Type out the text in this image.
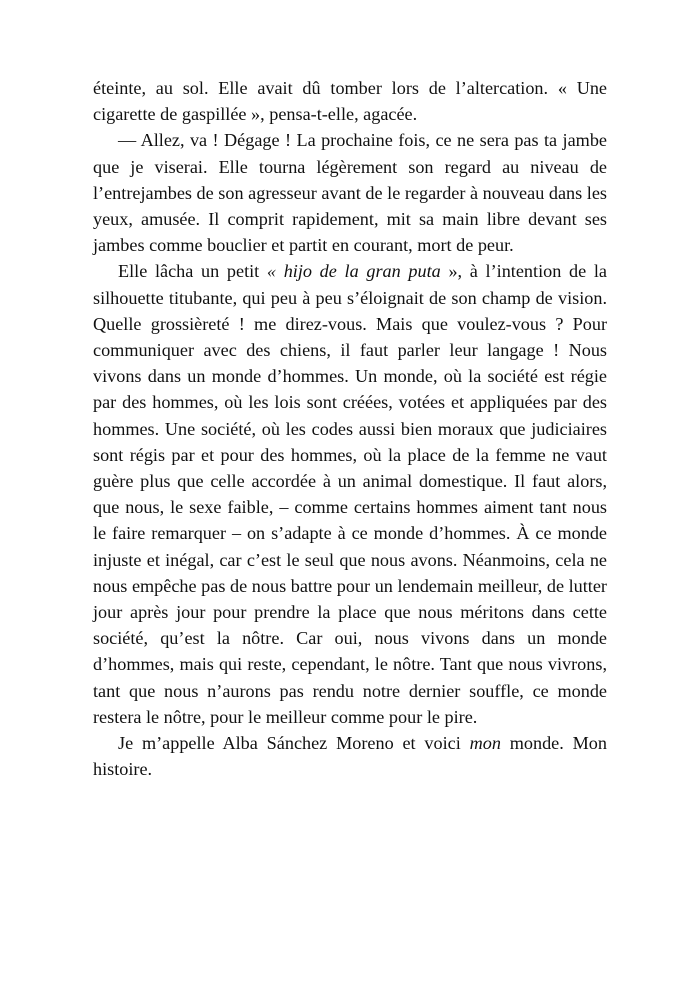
éteinte, au sol. Elle avait dû tomber lors de l’altercation. « Une cigarette de gaspillée », pensa-t-elle, agacée.

— Allez, va ! Dégage ! La prochaine fois, ce ne sera pas ta jambe que je viserai. Elle tourna légèrement son regard au niveau de l’entrejambes de son agresseur avant de le regarder à nouveau dans les yeux, amusée. Il comprit rapidement, mit sa main libre devant ses jambes comme bouclier et partit en courant, mort de peur.

Elle lâcha un petit « hijo de la gran puta », à l’intention de la silhouette titubante, qui peu à peu s’éloignait de son champ de vision. Quelle grossièreté ! me direz-vous. Mais que voulez-vous ? Pour communiquer avec des chiens, il faut parler leur langage ! Nous vivons dans un monde d’hommes. Un monde, où la société est régie par des hommes, où les lois sont créées, votées et appliquées par des hommes. Une société, où les codes aussi bien moraux que judiciaires sont régis par et pour des hommes, où la place de la femme ne vaut guère plus que celle accordée à un animal domestique. Il faut alors, que nous, le sexe faible, – comme certains hommes aiment tant nous le faire remarquer – on s’adapte à ce monde d’hommes. À ce monde injuste et inégal, car c’est le seul que nous avons. Néanmoins, cela ne nous empêche pas de nous battre pour un lendemain meilleur, de lutter jour après jour pour prendre la place que nous méritons dans cette société, qu’est la nôtre. Car oui, nous vivons dans un monde d’hommes, mais qui reste, cependant, le nôtre. Tant que nous vivrons, tant que nous n’aurons pas rendu notre dernier souffle, ce monde restera le nôtre, pour le meilleur comme pour le pire.

Je m’appelle Alba Sánchez Moreno et voici mon monde. Mon histoire.
